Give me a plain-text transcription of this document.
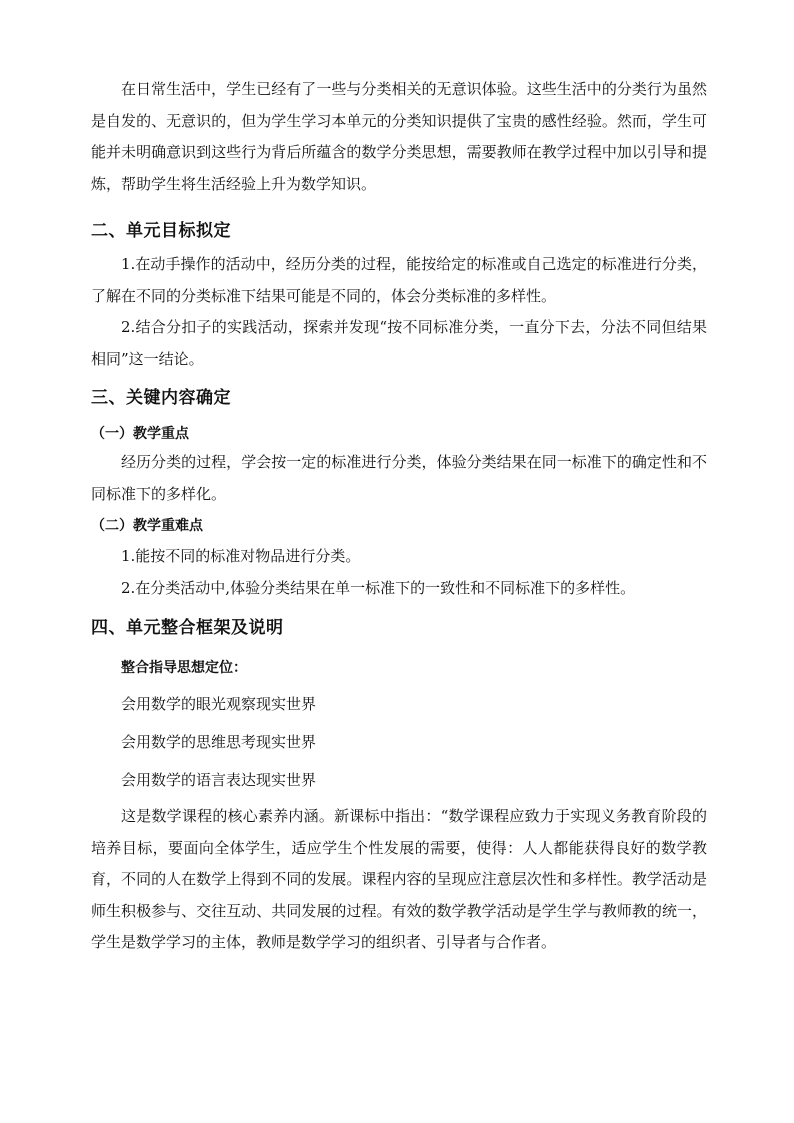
在日常生活中，学生已经有了一些与分类相关的无意识体验。这些生活中的分类行为虽然是自发的、无意识的，但为学生学习本单元的分类知识提供了宝贵的感性经验。然而，学生可能并未明确意识到这些行为背后所蕴含的数学分类思想，需要教师在教学过程中加以引导和提炼，帮助学生将生活经验上升为数学知识。

二、单元目标拟定

1.在动手操作的活动中，经历分类的过程，能按给定的标准或自己选定的标准进行分类，了解在不同的分类标准下结果可能是不同的，体会分类标准的多样性。

2.结合分扣子的实践活动，探索并发现“按不同标准分类，一直分下去，分法不同但结果相同”这一结论。

三、关键内容确定
（一）教学重点

经历分类的过程，学会按一定的标准进行分类，体验分类结果在同一标准下的确定性和不同标准下的多样化。

（二）教学重难点

1.能按不同的标准对物品进行分类。

2.在分类活动中,体验分类结果在单一标准下的一致性和不同标准下的多样性。

四、单元整合框架及说明

整合指导思想定位：

会用数学的眼光观察现实世界

会用数学的思维思考现实世界

会用数学的语言表达现实世界

这是数学课程的核心素养内涵。新课标中指出：“数学课程应致力于实现义务教育阶段的培养目标，要面向全体学生，适应学生个性发展的需要，使得：人人都能获得良好的数学教育，不同的人在数学上得到不同的发展。课程内容的呈现应注意层次性和多样性。教学活动是师生积极参与、交往互动、共同发展的过程。有效的数学教学活动是学生学与教师教的统一，学生是数学学习的主体，教师是数学学习的组织者、引导者与合作者。
